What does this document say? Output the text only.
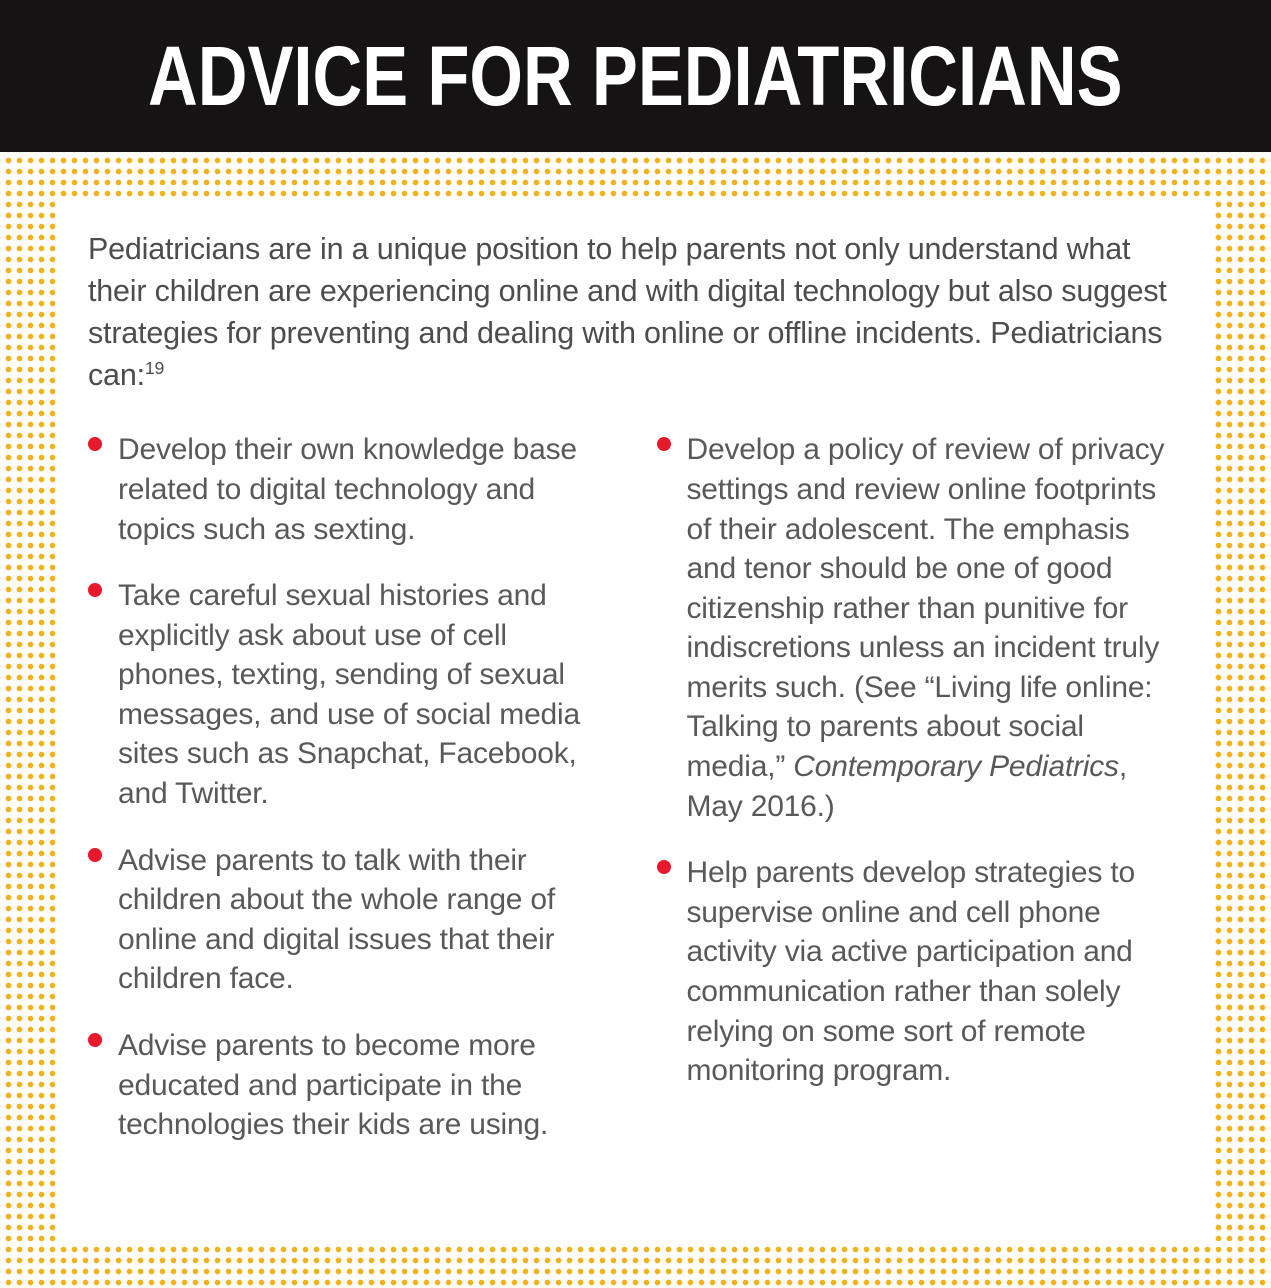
ADVICE FOR PEDIATRICIANS

Pediatricians are in a unique position to help parents not only understand what their children are experiencing online and with digital technology but also suggest strategies for preventing and dealing with online or offline incidents. Pediatricians can:$^{19}$

Develop their own knowledge base related to digital technology and topics such as sexting.
Take careful sexual histories and explicitly ask about use of cell phones, texting, sending of sexual messages, and use of social media sites such as Snapchat, Facebook, and Twitter.
Advise parents to talk with their children about the whole range of online and digital issues that their children face.
Advise parents to become more educated and participate in the technologies their kids are using.
Develop a policy of review of privacy settings and review online footprints of their adolescent. The emphasis and tenor should be one of good citizenship rather than punitive for indiscretions unless an incident truly merits such. (See “Living life online: Talking to parents about social media,” Contemporary Pediatrics, May 2016.)
Help parents develop strategies to supervise online and cell phone activity via active participation and communication rather than solely relying on some sort of remote monitoring program.
